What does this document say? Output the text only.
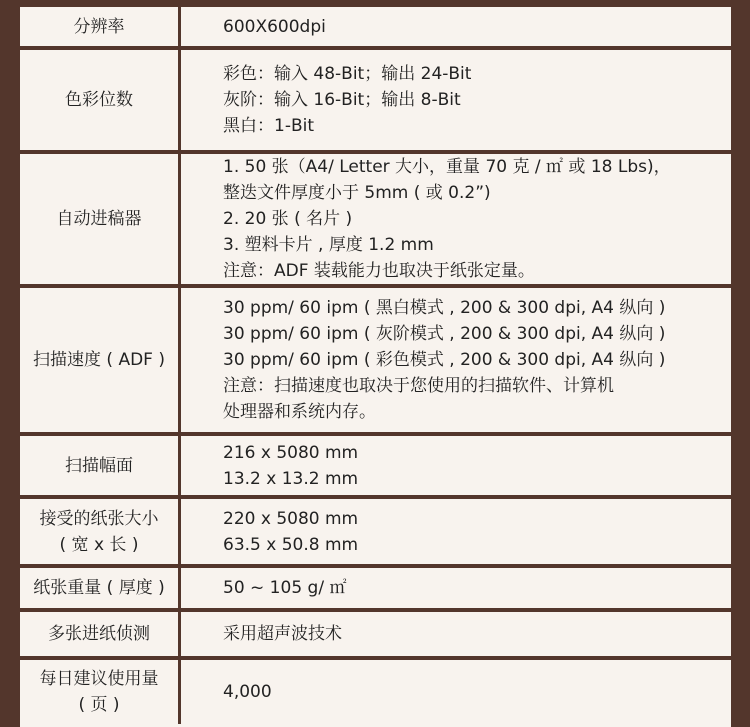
分辨率	600X600dpi

色彩位数	彩色：输入 48-Bit；输出 24-Bit
灰阶：输入 16-Bit；输出 8-Bit
黑白：1-Bit

自动进稿器	1. 50 张（A4/ Letter 大小，重量 70 克 / ㎡ 或 18 Lbs)，
整迭文件厚度小于 5mm ( 或 0.2”)
2. 20 张 ( 名片 )
3. 塑料卡片 , 厚度 1.2 mm
注意：ADF 装载能力也取决于纸张定量。

扫描速度 ( ADF )	30 ppm/ 60 ipm ( 黑白模式 , 200 & 300 dpi, A4 纵向 )
30 ppm/ 60 ipm ( 灰阶模式 , 200 & 300 dpi, A4 纵向 )
30 ppm/ 60 ipm ( 彩色模式 , 200 & 300 dpi, A4 纵向 )
注意：扫描速度也取决于您使用的扫描软件、计算机
处理器和系统内存。

扫描幅面	216 x 5080 mm
13.2 x 13.2 mm

接受的纸张大小
( 宽 x 长 )	220 x 5080 mm
63.5 x 50.8 mm

纸张重量 ( 厚度 )	50 ~ 105 g/ ㎡

多张进纸侦测	采用超声波技术

每日建议使用量
( 页 )	4,000
